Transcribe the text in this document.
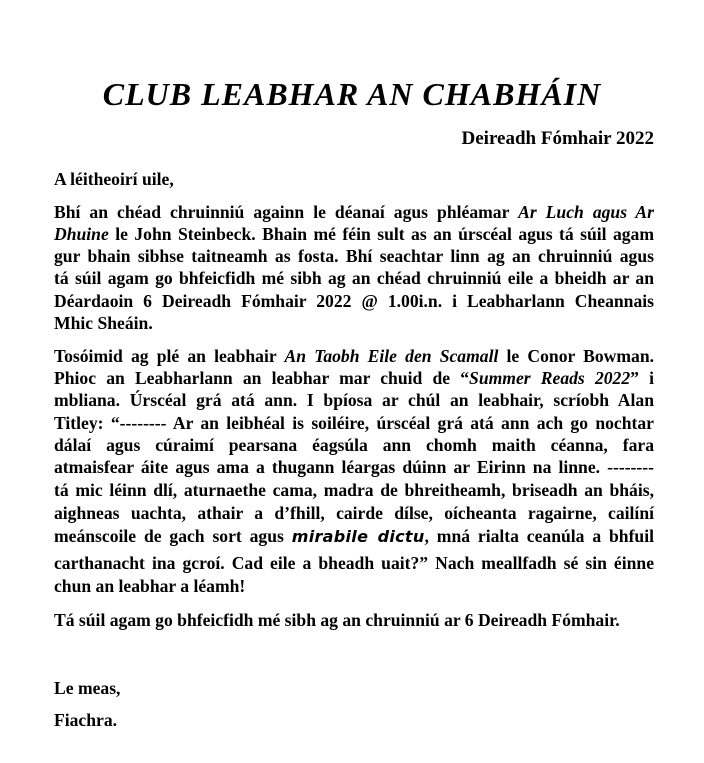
CLUB LEABHAR AN CHABHÁIN
Deireadh Fómhair 2022
A léitheoirí uile,
Bhí an chéad chruinniú againn le déanaí agus phléamar Ar Luch agus Ar
Dhuine le John Steinbeck. Bhain mé féin sult as an úrscéal agus tá súil agam
gur bhain sibhse taitneamh as fosta. Bhí seachtar linn ag an chruinniú agus
tá súil agam go bhfeicfidh mé sibh ag an chéad chruinniú eile a bheidh ar an
Déardaoin 6 Deireadh Fómhair 2022 @ 1.00i.n. i Leabharlann Cheannais
Mhic Sheáin.
Tosóimid ag plé an leabhair An Taobh Eile den Scamall le Conor Bowman.
Phioc an Leabharlann an leabhar mar chuid de “Summer Reads 2022” i
mbliana. Úrscéal grá atá ann. I bpíosa ar chúl an leabhair, scríobh Alan
Titley: “-------- Ar an leibhéal is soiléire, úrscéal grá atá ann ach go nochtar
dálaí agus cúraimí pearsana éagsúla ann chomh maith céanna, fara
atmaisfear áite agus ama a thugann léargas dúinn ar Eirinn na linne. --------
tá mic léinn dlí, aturnaethe cama, madra de bhreitheamh, briseadh an bháis,
aighneas uachta, athair a d’fhill, cairde dílse, oícheanta ragairne, cailíní
meánscoile de gach sort agus mirabile dictu, mná rialta ceanúla a bhfuil
carthanacht ina gcroí. Cad eile a bheadh uait?” Nach meallfadh sé sin éinne
chun an leabhar a léamh!
Tá súil agam go bhfeicfidh mé sibh ag an chruinniú ar 6 Deireadh Fómhair.
Le meas,
Fiachra.
